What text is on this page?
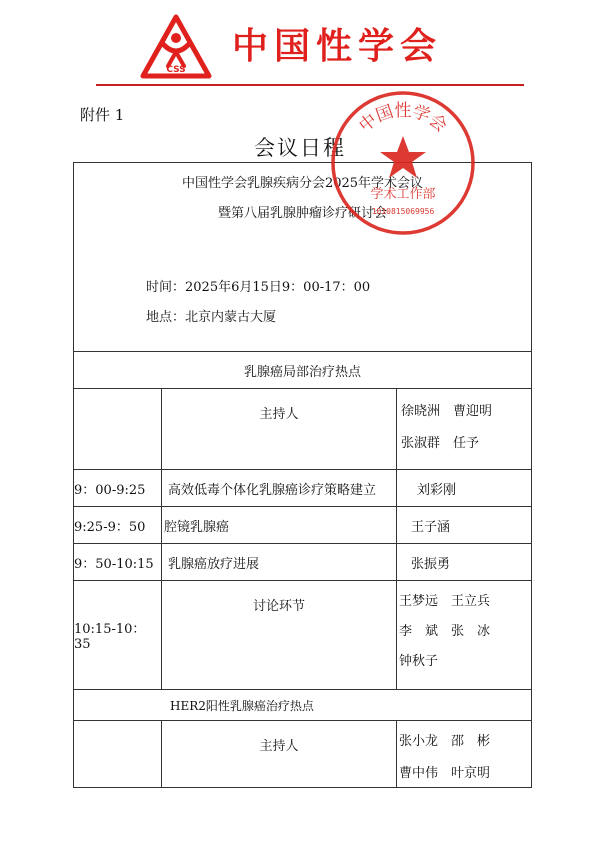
CSS
中国性学会
附件 1
会议日程
中国性学会乳腺疾病分会2025年学术会议
暨第八届乳腺肿瘤诊疗研讨会
时间：2025年6月15日9：00-17：00
地点：北京内蒙古大厦		

乳腺癌局部治疗热点		
	主持人	徐晓洲　曹迎明
张淑群　任予

9：00-9:25	高效低毒个体化乳腺癌诊疗策略建立	刘彩刚
9:25-9：50	腔镜乳腺癌	王子涵
9：50-10:15	乳腺癌放疗进展	张振勇
10:15-10：35	讨论环节	王梦远　王立兵
李　斌　张　冰
钟秋子

HER2阳性乳腺癌治疗热点		
	主持人	张小龙　邵　彬
曹中伟　叶京明
中国性学会
学术工作部
1010815069956
